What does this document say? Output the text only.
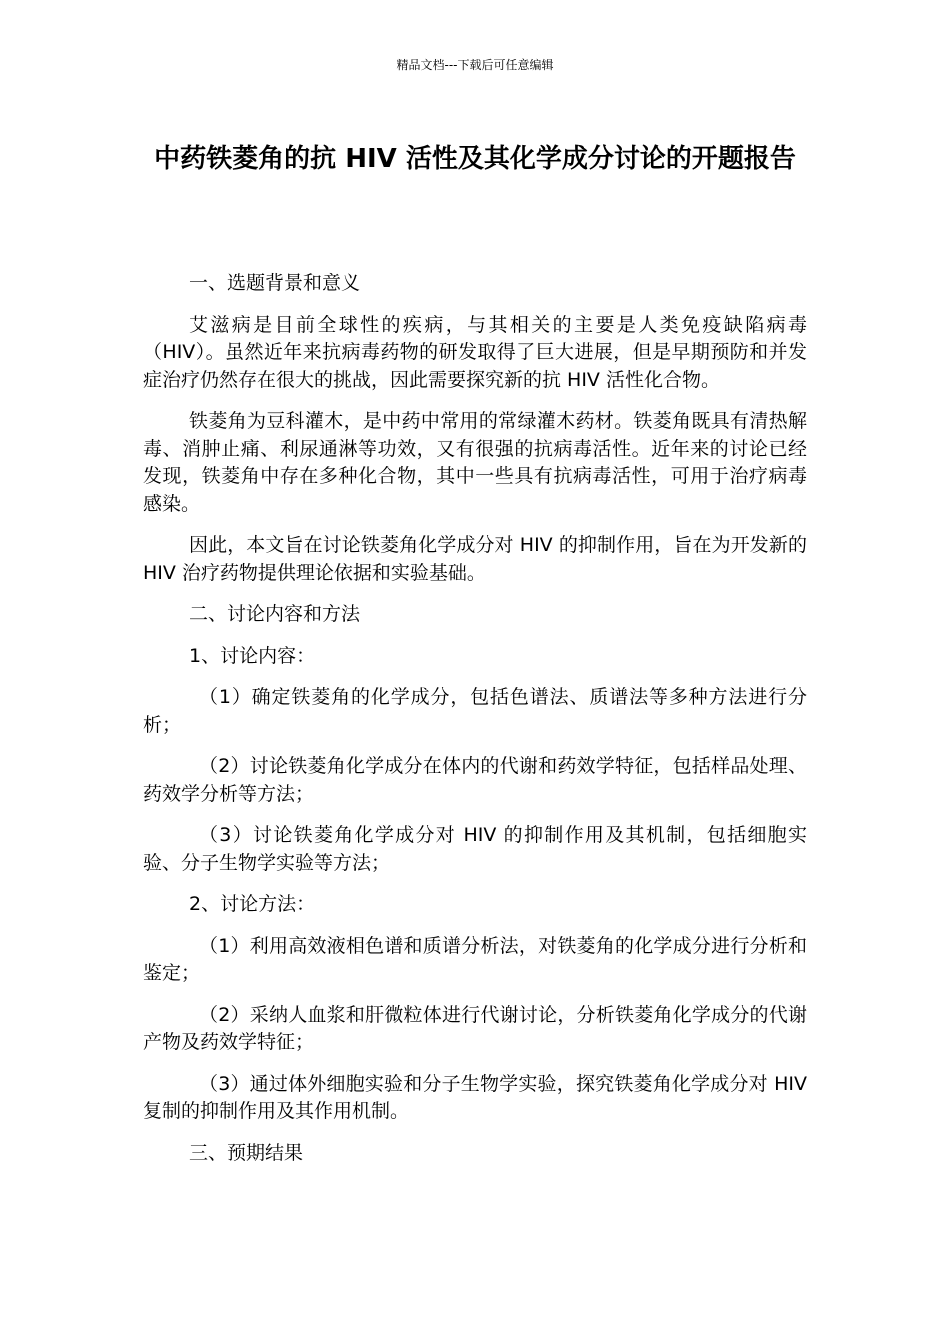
精品文档---下载后可任意编辑
中药铁菱角的抗 HIV 活性及其化学成分讨论的开题报告

一、选题背景和意义

艾滋病是目前全球性的疾病，与其相关的主要是人类免疫缺陷病毒（HIV）。虽然近年来抗病毒药物的研发取得了巨大进展，但是早期预防和并发症治疗仍然存在很大的挑战，因此需要探究新的抗 HIV 活性化合物。

铁菱角为豆科灌木，是中药中常用的常绿灌木药材。铁菱角既具有清热解毒、消肿止痛、利尿通淋等功效，又有很强的抗病毒活性。近年来的讨论已经发现，铁菱角中存在多种化合物，其中一些具有抗病毒活性，可用于治疗病毒感染。

因此，本文旨在讨论铁菱角化学成分对 HIV 的抑制作用，旨在为开发新的 HIV 治疗药物提供理论依据和实验基础。

二、讨论内容和方法

1、讨论内容：

（1）确定铁菱角的化学成分，包括色谱法、质谱法等多种方法进行分析；

（2）讨论铁菱角化学成分在体内的代谢和药效学特征，包括样品处理、药效学分析等方法；

（3）讨论铁菱角化学成分对 HIV 的抑制作用及其机制，包括细胞实验、分子生物学实验等方法；

2、讨论方法：

（1）利用高效液相色谱和质谱分析法，对铁菱角的化学成分进行分析和鉴定；

（2）采纳人血浆和肝微粒体进行代谢讨论，分析铁菱角化学成分的代谢产物及药效学特征；

（3）通过体外细胞实验和分子生物学实验，探究铁菱角化学成分对 HIV 复制的抑制作用及其作用机制。

三、预期结果
